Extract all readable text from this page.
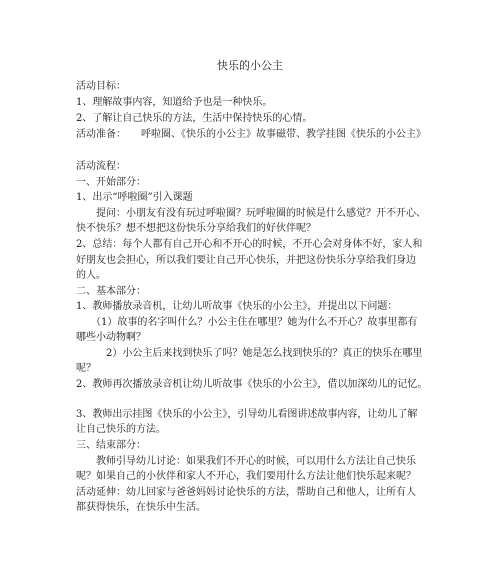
快乐的小公主
活动目标：
1、理解故事内容，知道给予也是一种快乐。
2、了解让自己快乐的方法，生活中保持快乐的心情。
活动准备：　　呼啦圈、《快乐的小公主》故事磁带、教学挂图《快乐的小公主》
活动流程：
一、开始部分：
1、出示“呼啦圈”引入课题
　　提问：小朋友有没有玩过呼啦圈？玩呼啦圈的时候是什么感觉？开不开心、
快不快乐？想不想把这份快乐分享给我们的好伙伴呢？
2、总结：每个人都有自己开心和不开心的时候，不开心会对身体不好，家人和
好朋友也会担心，所以我们要让自己开心快乐，并把这份快乐分享给我们身边
的人。
二、基本部分：
1、教师播放录音机，让幼儿听故事《快乐的小公主》，并提出以下问题：
　　（1）故事的名字叫什么？小公主住在哪里？她为什么不开心？故事里都有
哪些小动物啊？
　　　2）小公主后来找到快乐了吗？她是怎么找到快乐的？真正的快乐在哪里
呢？
2、教师再次播放录音机让幼儿听故事《快乐的小公主》，借以加深幼儿的记忆。
3、教师出示挂图《快乐的小公主》，引导幼儿看图讲述故事内容，让幼儿了解
让自己快乐的方法。
三、结束部分：
　　教师引导幼儿讨论：如果我们不开心的时候，可以用什么方法让自己快乐
呢？如果自己的小伙伴和家人不开心，我们要用什么方法让他们快乐起来呢？
活动延伸：幼儿回家与爸爸妈妈讨论快乐的方法，帮助自己和他人，让所有人
都获得快乐，在快乐中生活。
